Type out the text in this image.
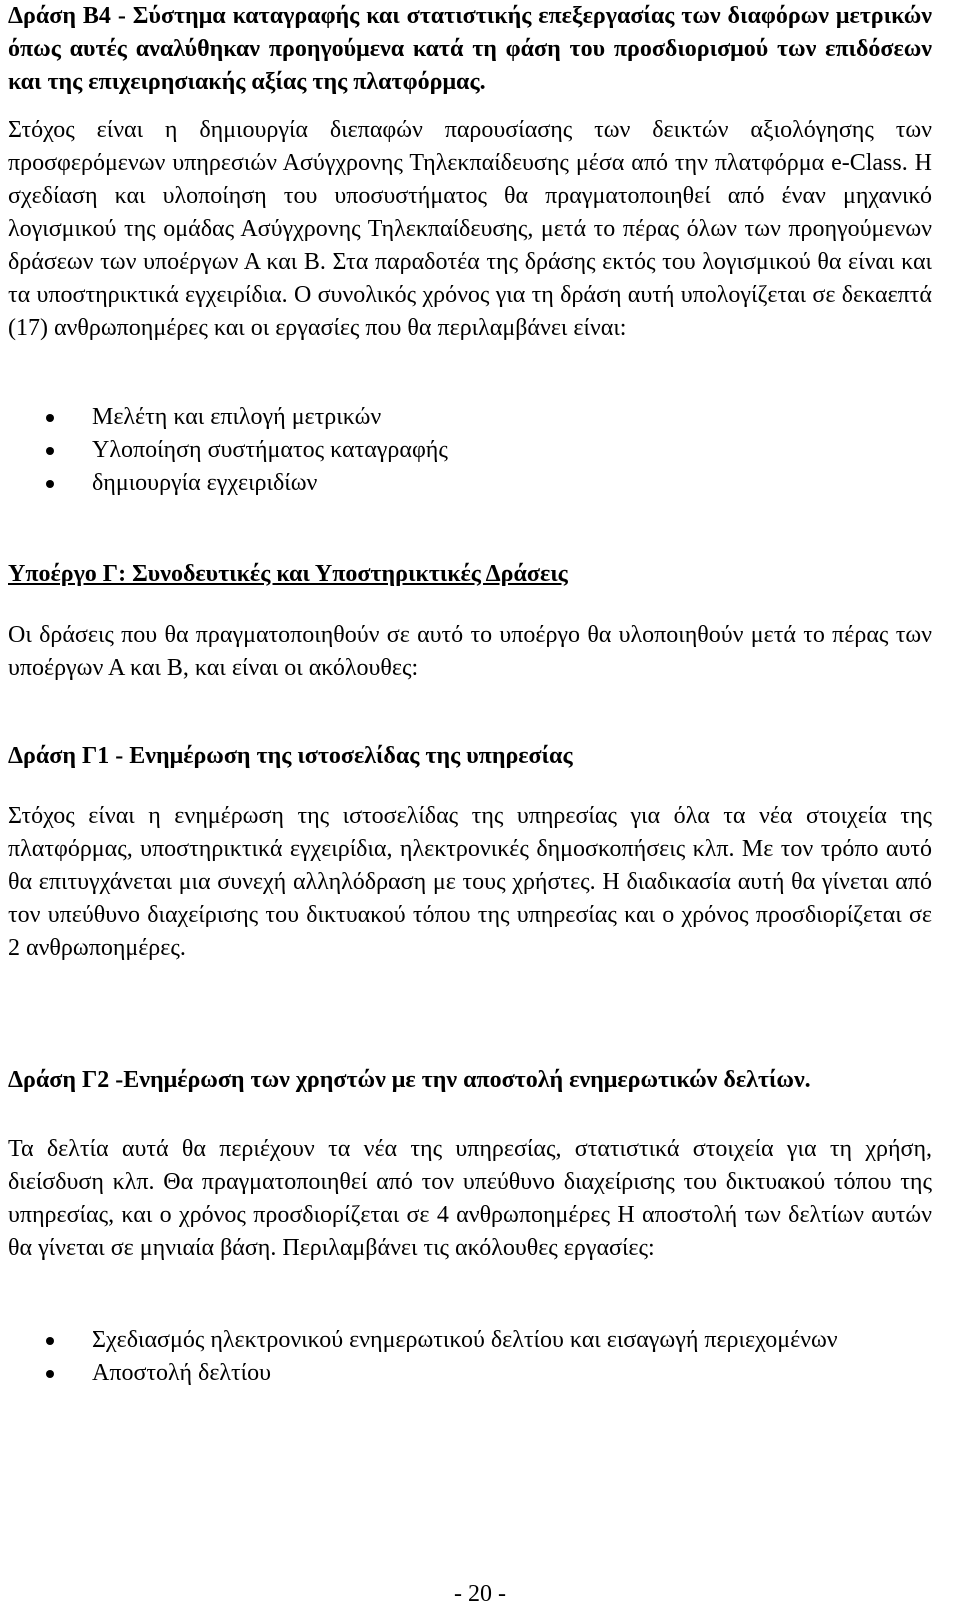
Δράση Β4 - Σύστημα καταγραφής και στατιστικής επεξεργασίας των διαφόρων μετρικών όπως αυτές αναλύθηκαν προηγούμενα κατά τη φάση του προσδιορισμού των επιδόσεων και της επιχειρησιακής αξίας της πλατφόρμας.

Στόχος είναι η δημιουργία διεπαφών παρουσίασης των δεικτών αξιολόγησης των προσφερόμενων υπηρεσιών Ασύγχρονης Τηλεκπαίδευσης μέσα από την πλατφόρμα e-Class. Η σχεδίαση και υλοποίηση του υποσυστήματος θα πραγματοποιηθεί από έναν μηχανικό λογισμικού της ομάδας Ασύγχρονης Τηλεκπαίδευσης, μετά το πέρας όλων των προηγούμενων δράσεων των υποέργων Α και Β. Στα παραδοτέα της δράσης εκτός του λογισμικού θα είναι και τα υποστηρικτικά εγχειρίδια. Ο συνολικός χρόνος για τη δράση αυτή υπολογίζεται σε δεκαεπτά (17) ανθρωποημέρες και οι εργασίες που θα περιλαμβάνει είναι:

Μελέτη και επιλογή μετρικών
Υλοποίηση συστήματος καταγραφής
δημιουργία εγχειριδίων
Υποέργο Γ: Συνοδευτικές και Υποστηρικτικές Δράσεις

Οι δράσεις που θα πραγματοποιηθούν σε αυτό το υποέργο θα υλοποιηθούν μετά το πέρας των υποέργων Α και Β, και είναι οι ακόλουθες:

Δράση Γ1 - Ενημέρωση της ιστοσελίδας της υπηρεσίας

Στόχος είναι η ενημέρωση της ιστοσελίδας της υπηρεσίας για όλα τα νέα στοιχεία της πλατφόρμας, υποστηρικτικά εγχειρίδια, ηλεκτρονικές δημοσκοπήσεις κλπ. Με τον τρόπο αυτό θα επιτυγχάνεται μια συνεχή αλληλόδραση με τους χρήστες. Η διαδικασία αυτή θα γίνεται από τον υπεύθυνο διαχείρισης του δικτυακού τόπου της υπηρεσίας και ο χρόνος προσδιορίζεται σε 2 ανθρωποημέρες.

Δράση Γ2 -Ενημέρωση των χρηστών με την αποστολή ενημερωτικών δελτίων.

Τα δελτία αυτά θα περιέχουν τα νέα της υπηρεσίας, στατιστικά στοιχεία για τη χρήση, διείσδυση κλπ. Θα πραγματοποιηθεί από τον υπεύθυνο διαχείρισης του δικτυακού τόπου της υπηρεσίας, και ο χρόνος προσδιορίζεται σε 4 ανθρωποημέρες Η αποστολή των δελτίων αυτών θα γίνεται σε μηνιαία βάση. Περιλαμβάνει τις ακόλουθες εργασίες:

Σχεδιασμός ηλεκτρονικού ενημερωτικού δελτίου και εισαγωγή περιεχομένων
Αποστολή δελτίου
- 20 -
